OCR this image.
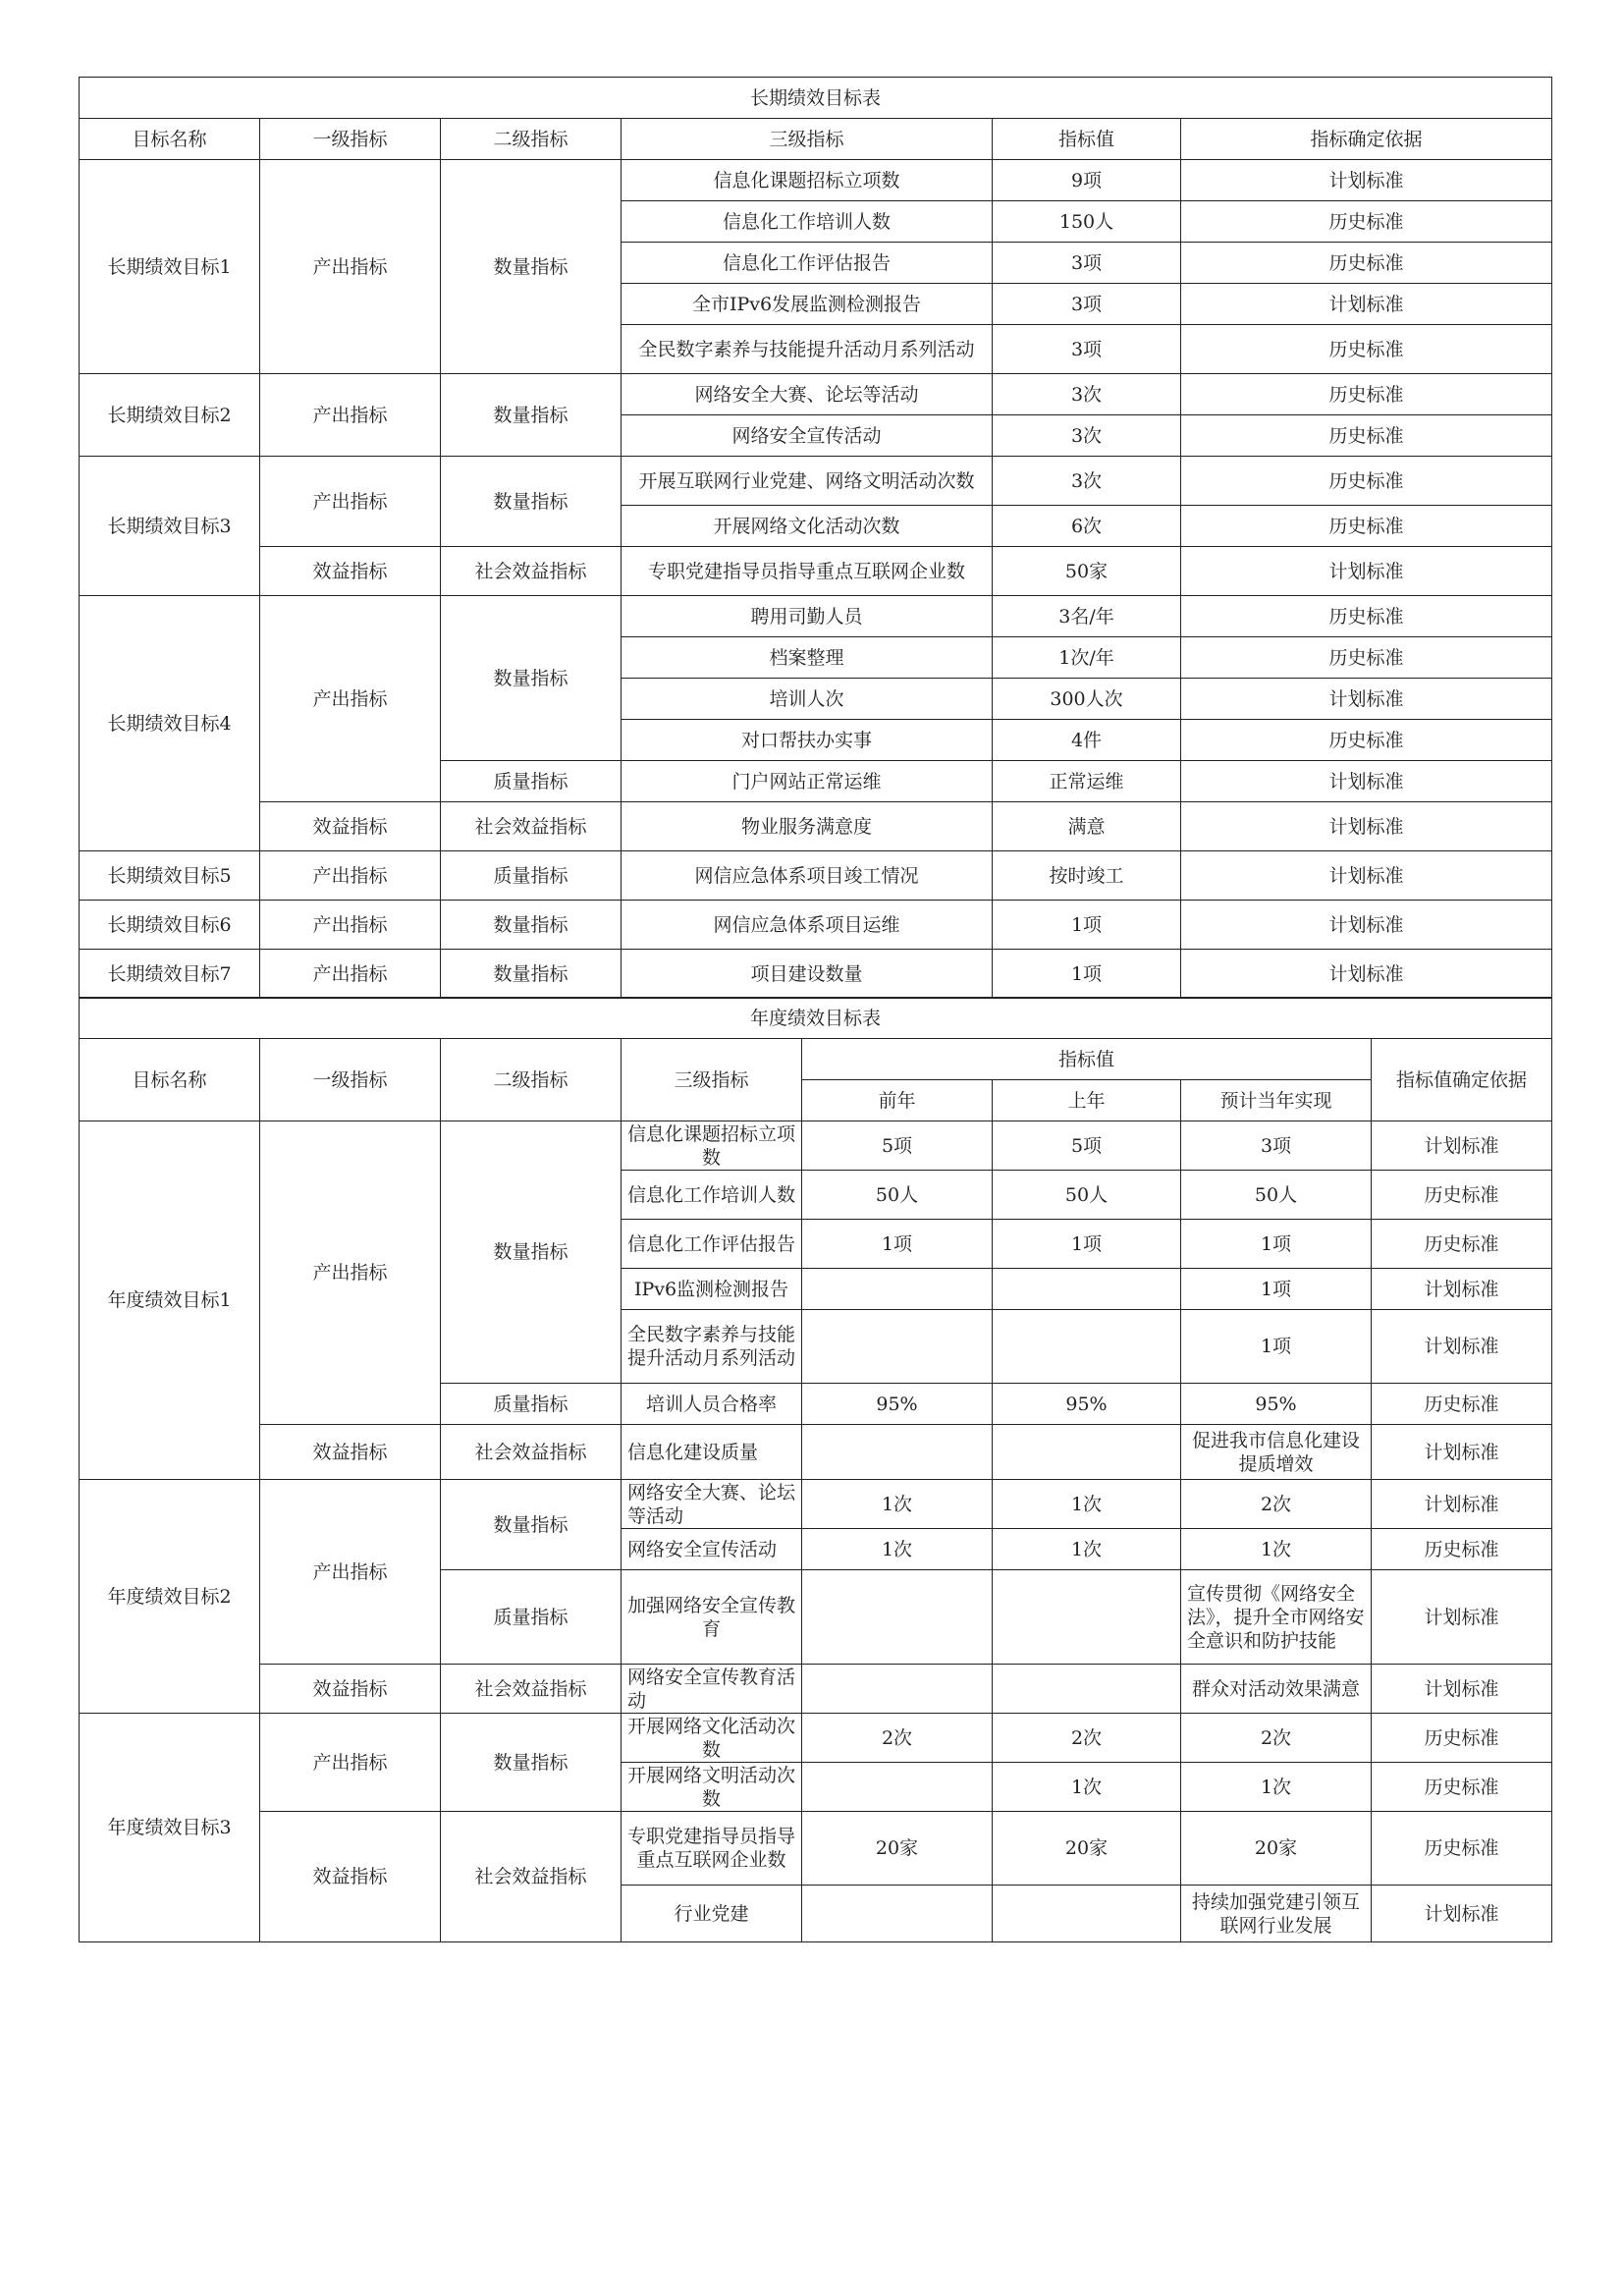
长期绩效目标表					
目标名称	一级指标	二级指标	三级指标	指标值	指标确定依据
长期绩效目标1	产出指标	数量指标	信息化课题招标立项数	9项	计划标准
			信息化工作培训人数	150人	历史标准
			信息化工作评估报告	3项	历史标准
			全市IPv6发展监测检测报告	3项	计划标准
			全民数字素养与技能提升活动月系列活动	3项	历史标准
长期绩效目标2	产出指标	数量指标	网络安全大赛、论坛等活动	3次	历史标准
			网络安全宣传活动	3次	历史标准
长期绩效目标3	产出指标	数量指标	开展互联网行业党建、网络文明活动次数	3次	历史标准
			开展网络文化活动次数	6次	历史标准
	效益指标	社会效益指标	专职党建指导员指导重点互联网企业数	50家	计划标准
长期绩效目标4	产出指标	数量指标	聘用司勤人员	3名/年	历史标准
			档案整理	1次/年	历史标准
			培训人次	300人次	计划标准
			对口帮扶办实事	4件	历史标准
		质量指标	门户网站正常运维	正常运维	计划标准
	效益指标	社会效益指标	物业服务满意度	满意	计划标准
长期绩效目标5	产出指标	质量指标	网信应急体系项目竣工情况	按时竣工	计划标准
长期绩效目标6	产出指标	数量指标	网信应急体系项目运维	1项	计划标准
长期绩效目标7	产出指标	数量指标	项目建设数量	1项	计划标准
年度绩效目标表							
目标名称	一级指标	二级指标	三级指标	指标值			指标值确定依据
				前年	上年	预计当年实现	
年度绩效目标1	产出指标	数量指标	信息化课题招标立项数	5项	5项	3项	计划标准
			信息化工作培训人数	50人	50人	50人	历史标准
			信息化工作评估报告	1项	1项	1项	历史标准
			IPv6监测检测报告			1项	计划标准
			全民数字素养与技能提升活动月系列活动			1项	计划标准
		质量指标	培训人员合格率	95%	95%	95%	历史标准
	效益指标	社会效益指标	信息化建设质量			促进我市信息化建设提质增效	计划标准
年度绩效目标2	产出指标	数量指标	网络安全大赛、论坛等活动	1次	1次	2次	计划标准
			网络安全宣传活动	1次	1次	1次	历史标准
		质量指标	加强网络安全宣传教育			宣传贯彻《网络安全法》，提升全市网络安全意识和防护技能	计划标准
	效益指标	社会效益指标	网络安全宣传教育活动			群众对活动效果满意	计划标准
年度绩效目标3	产出指标	数量指标	开展网络文化活动次数	2次	2次	2次	历史标准
			开展网络文明活动次数		1次	1次	历史标准
	效益指标	社会效益指标	专职党建指导员指导重点互联网企业数	20家	20家	20家	历史标准
			行业党建			持续加强党建引领互联网行业发展	计划标准
